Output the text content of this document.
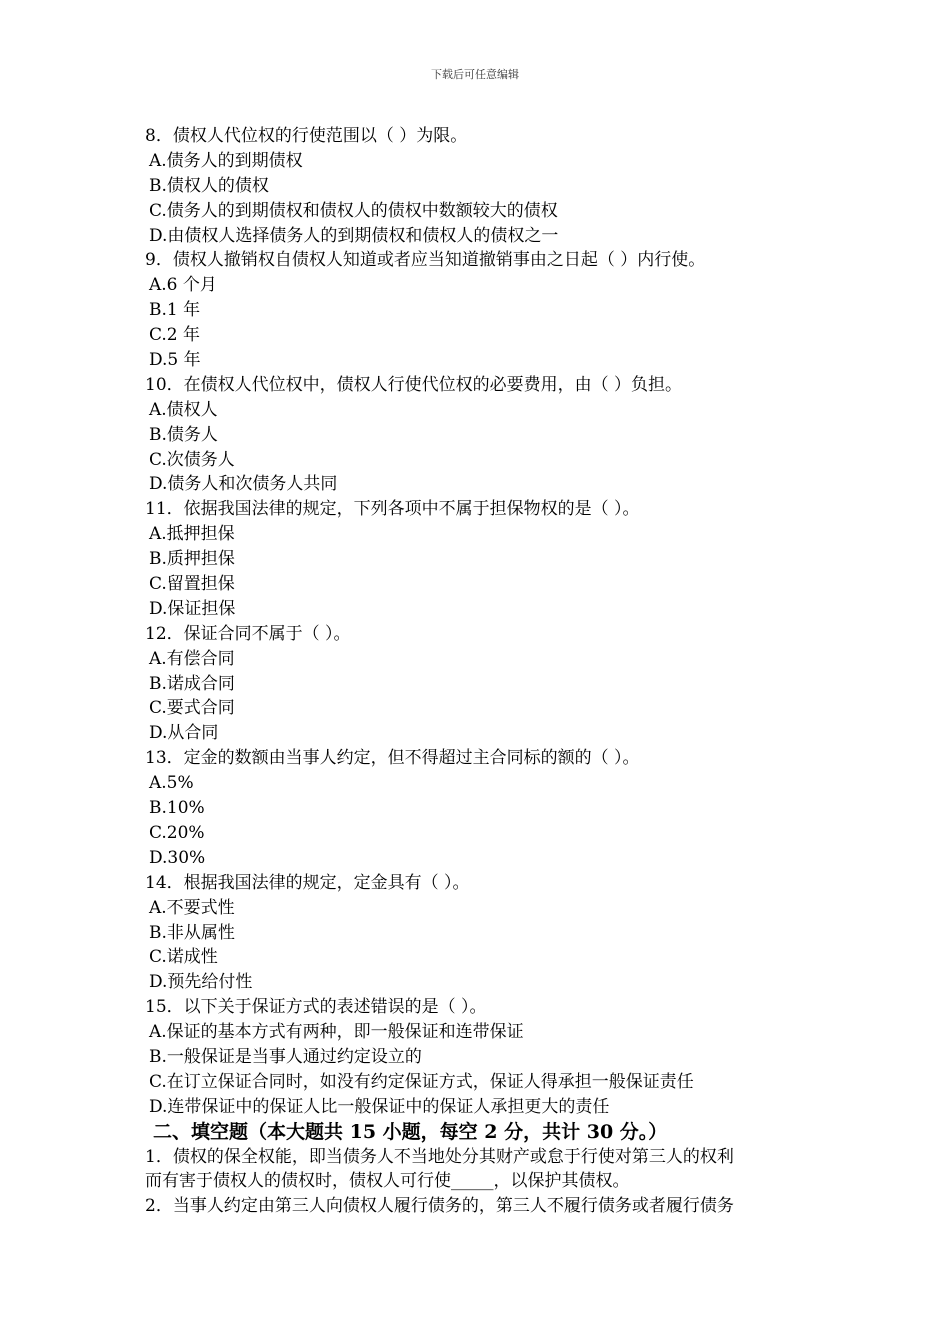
下载后可任意编辑
8．债权人代位权的行使范围以（ ）为限。
A.债务人的到期债权
B.债权人的债权
C.债务人的到期债权和债权人的债权中数额较大的债权
D.由债权人选择债务人的到期债权和债权人的债权之一
9．债权人撤销权自债权人知道或者应当知道撤销事由之日起（ ）内行使。
A.6 个月
B.1 年
C.2 年
D.5 年
10．在债权人代位权中，债权人行使代位权的必要费用，由（ ）负担。
A.债权人
B.债务人
C.次债务人
D.债务人和次债务人共同
11．依据我国法律的规定，下列各项中不属于担保物权的是（ ）。
A.抵押担保
B.质押担保
C.留置担保
D.保证担保
12．保证合同不属于（ ）。
A.有偿合同
B.诺成合同
C.要式合同
D.从合同
13．定金的数额由当事人约定，但不得超过主合同标的额的（ ）。
A.5%
B.10%
C.20%
D.30%
14．根据我国法律的规定，定金具有（ ）。
A.不要式性
B.非从属性
C.诺成性
D.预先给付性
15．以下关于保证方式的表述错误的是（ ）。
A.保证的基本方式有两种，即一般保证和连带保证
B.一般保证是当事人通过约定设立的
C.在订立保证合同时，如没有约定保证方式，保证人得承担一般保证责任
D.连带保证中的保证人比一般保证中的保证人承担更大的责任
二、填空题（本大题共 15 小题，每空 2 分，共计 30 分。）
1．债权的保全权能，即当债务人不当地处分其财产或怠于行使对第三人的权利
而有害于债权人的债权时，债权人可行使_____，以保护其债权。
2．当事人约定由第三人向债权人履行债务的，第三人不履行债务或者履行债务
